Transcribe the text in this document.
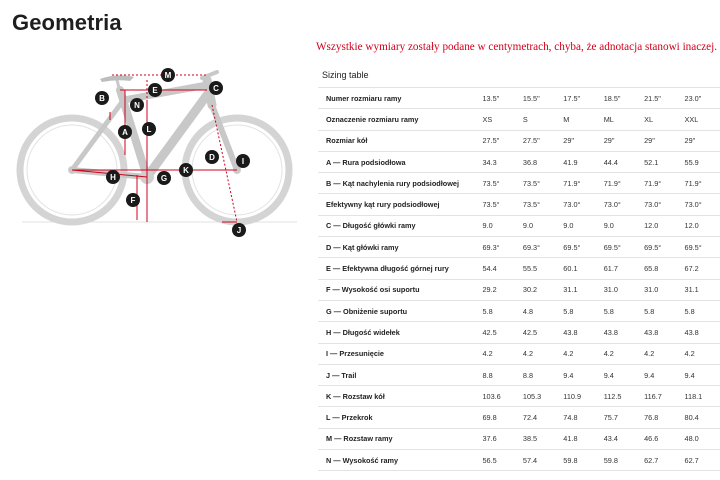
Geometria
Wszystkie wymiary zostały podane w centymetrach, chyba, że adnotacja stanowi inaczej.
A
B
C
D
E
F
G
H
I
J
K
L
M
N
Sizing table
Numer rozmiaru ramy	13.5"	15.5"	17.5"	18.5"	21.5"	23.0"
Oznaczenie rozmiaru ramy	XS	S	M	ML	XL	XXL
Rozmiar kół	27.5"	27.5"	29"	29"	29"	29"
A — Rura podsiodłowa	34.3	36.8	41.9	44.4	52.1	55.9
B — Kąt nachylenia rury podsiodłowej	73.5°	73.5°	71.9°	71.9°	71.9°	71.9°
Efektywny kąt rury podsiodłowej	73.5°	73.5°	73.0°	73.0°	73.0°	73.0°
C — Długość główki ramy	9.0	9.0	9.0	9.0	12.0	12.0
D — Kąt główki ramy	69.3°	69.3°	69.5°	69.5°	69.5°	69.5°
E — Efektywna długość górnej rury	54.4	55.5	60.1	61.7	65.8	67.2
F — Wysokość osi suportu	29.2	30.2	31.1	31.0	31.0	31.1
G — Obniżenie suportu	5.8	4.8	5.8	5.8	5.8	5.8
H — Długość widełek	42.5	42.5	43.8	43.8	43.8	43.8
I — Przesunięcie	4.2	4.2	4.2	4.2	4.2	4.2
J — Trail	8.8	8.8	9.4	9.4	9.4	9.4
K — Rozstaw kół	103.6	105.3	110.9	112.5	116.7	118.1
L — Przekrok	69.8	72.4	74.8	75.7	76.8	80.4
M — Rozstaw ramy	37.6	38.5	41.8	43.4	46.6	48.0
N — Wysokość ramy	56.5	57.4	59.8	59.8	62.7	62.7
